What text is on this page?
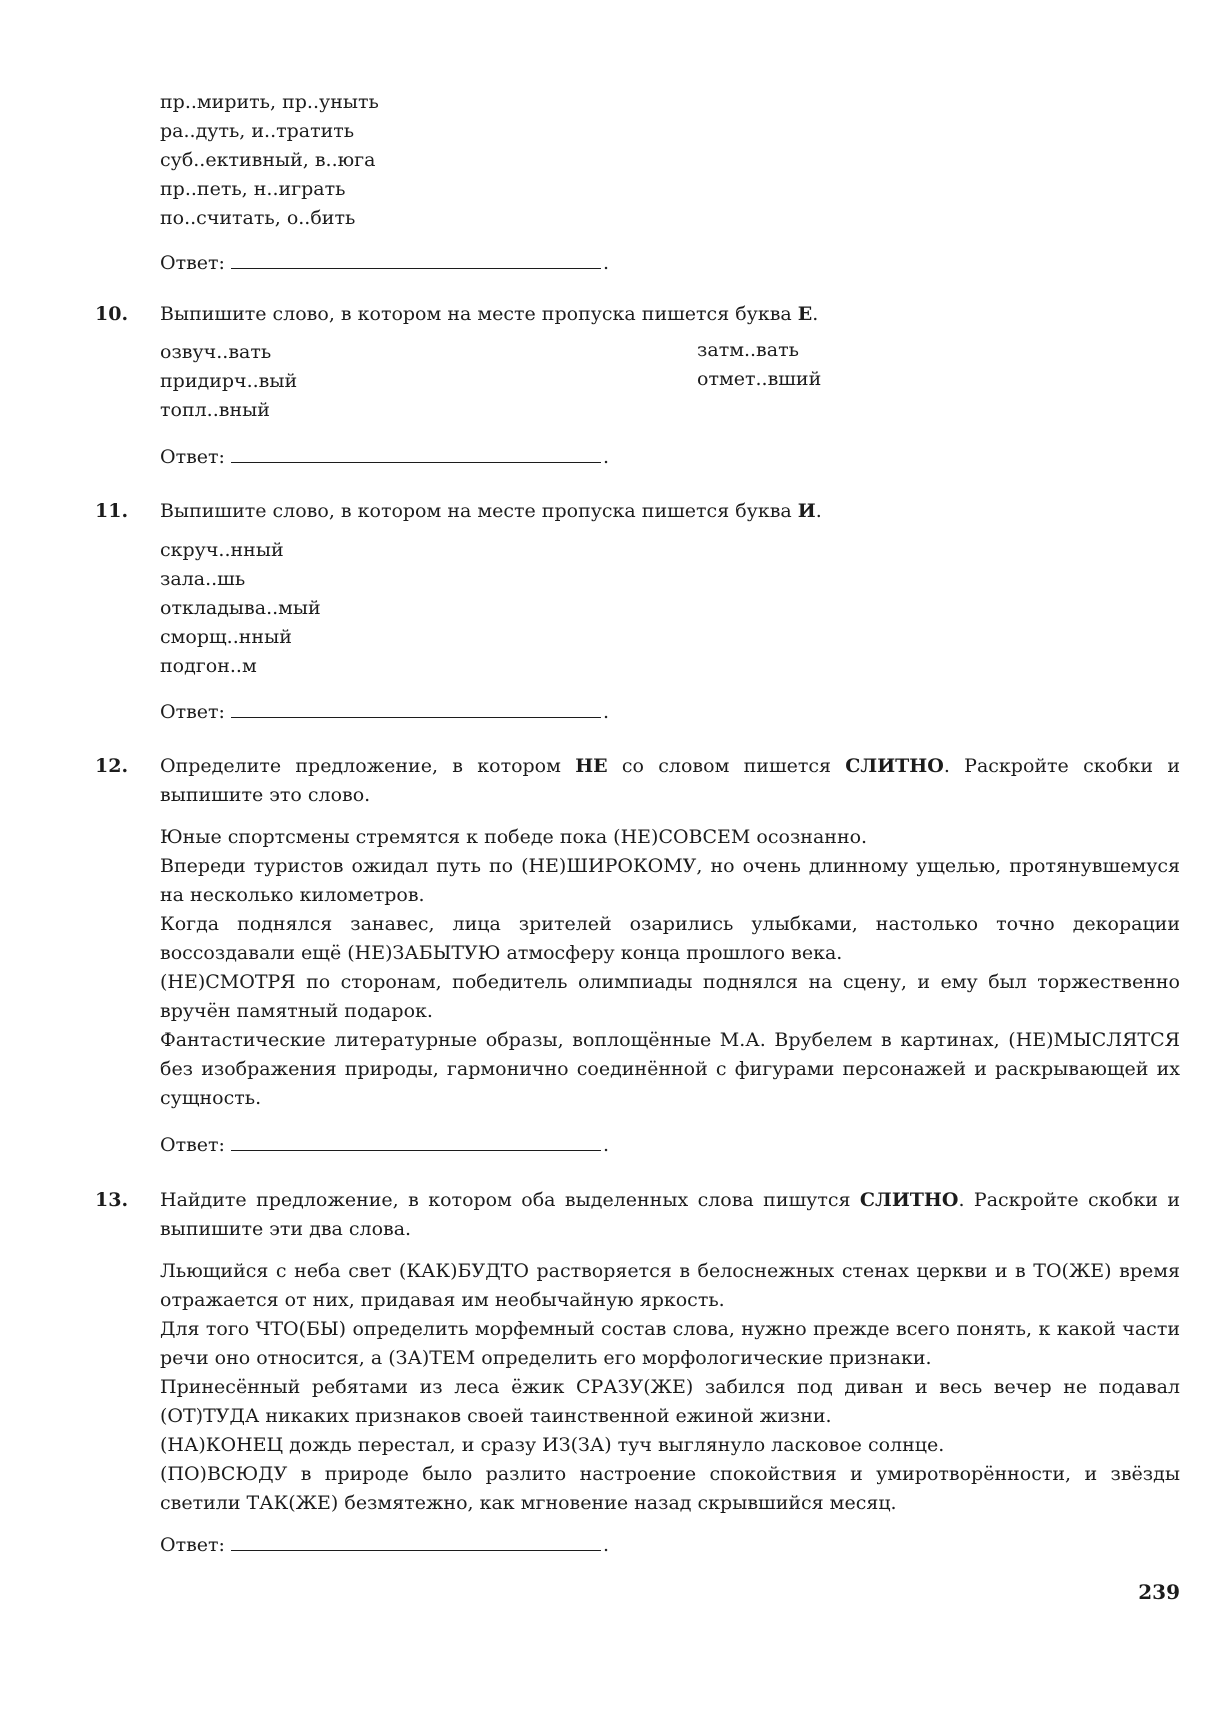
пр..мирить, пр..уныть
ра..дуть, и..тратить
суб..ективный, в..юга
пр..петь, н..играть
по..считать, о..бить
Ответ:	.
10. Выпишите слово, в котором на месте пропуска пишется буква Е.
озвуч..вать
придирч..вый
топл..вный
затм..вать
отмет..вший
Ответ:	.
11. Выпишите слово, в котором на месте пропуска пишется буква И.
скруч..нный
зала..шь
откладыва..мый
сморщ..нный
подгон..м
Ответ:	.
12. Определите предложение, в котором НЕ со словом пишется СЛИТНО. Раскройте скобки и выпишите это слово.
Юные спортсмены стремятся к победе пока (НЕ)СОВСЕМ осознанно.
Впереди туристов ожидал путь по (НЕ)ШИРОКОМУ, но очень длинному ущелью, протянувшемуся на несколько километров.
Когда поднялся занавес, лица зрителей озарились улыбками, настолько точно декорации воссоздавали ещё (НЕ)ЗАБЫТУЮ атмосферу конца прошлого века.
(НЕ)СМОТРЯ по сторонам, победитель олимпиады поднялся на сцену, и ему был торжественно вручён памятный подарок.
Фантастические литературные образы, воплощённые М.А. Врубелем в картинах, (НЕ)МЫСЛЯТСЯ без изображения природы, гармонично соединённой с фигурами персонажей и раскрывающей их сущность.
Ответ:	.
13. Найдите предложение, в котором оба выделенных слова пишутся СЛИТНО. Раскройте скобки и выпишите эти два слова.
Льющийся с неба свет (КАК)БУДТО растворяется в белоснежных стенах церкви и в ТО(ЖЕ) время отражается от них, придавая им необычайную яркость.
Для того ЧТО(БЫ) определить морфемный состав слова, нужно прежде всего понять, к какой части речи оно относится, а (ЗА)ТЕМ определить его морфологические признаки.
Принесённый ребятами из леса ёжик СРАЗУ(ЖЕ) забился под диван и весь вечер не подавал (ОТ)ТУДА никаких признаков своей таинственной ежиной жизни.
(НА)КОНЕЦ дождь перестал, и сразу ИЗ(ЗА) туч выглянуло ласковое солнце.
(ПО)ВСЮДУ в природе было разлито настроение спокойствия и умиротворённости, и звёзды светили ТАК(ЖЕ) безмятежно, как мгновение назад скрывшийся месяц.
Ответ:	.
239
